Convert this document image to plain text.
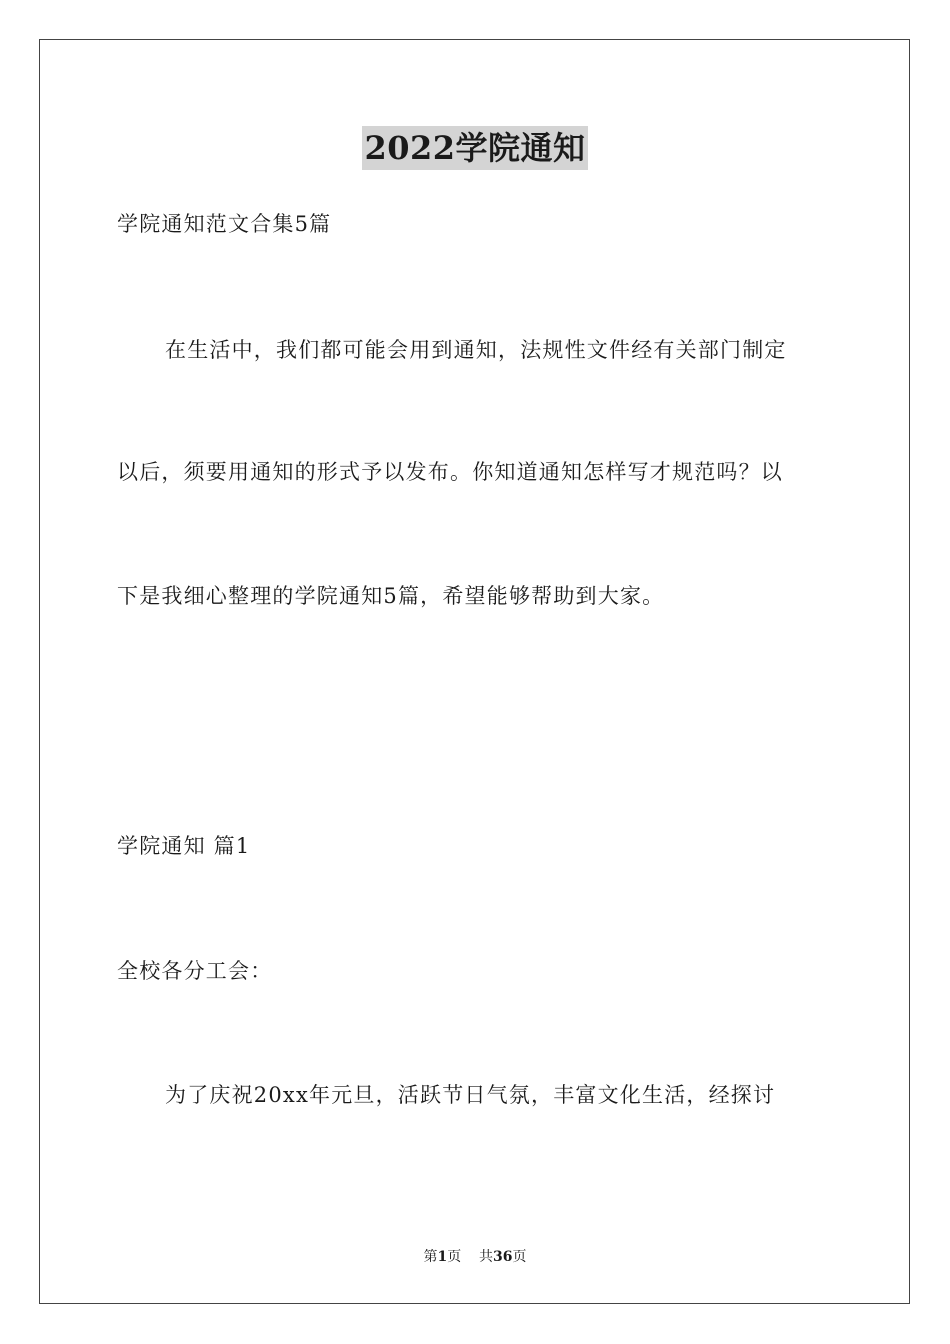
2022学院通知
学院通知范文合集5篇
在生活中，我们都可能会用到通知，法规性文件经有关部门制定
以后，须要用通知的形式予以发布。你知道通知怎样写才规范吗？以
下是我细心整理的学院通知5篇，希望能够帮助到大家。
学院通知 篇1
全校各分工会：
为了庆祝20xx年元旦，活跃节日气氛，丰富文化生活，经探讨
第1页 共36页
